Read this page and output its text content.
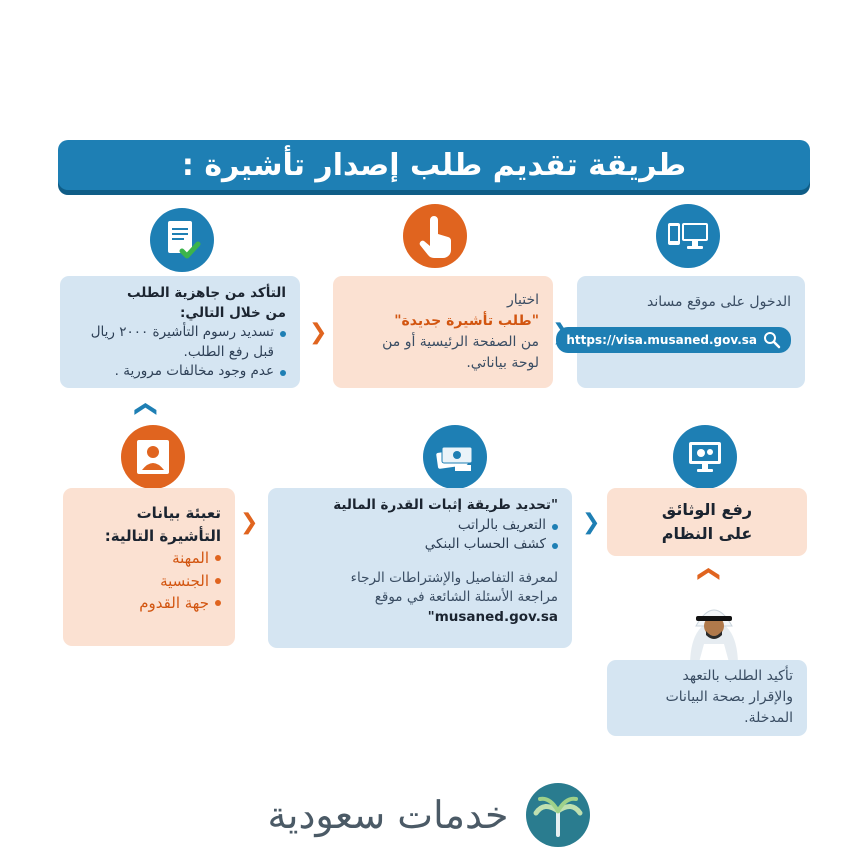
طريقة تقديم طلب إصدار تأشيرة :
الدخول على موقع مساند
https://visa.musaned.gov.sa
اختيار
"طلب تأشيرة جديدة"
من الصفحة الرئيسية أو من
لوحة بياناتي.
التأكد من جاهزية الطلب
من خلال التالي:
تسديد رسوم التأشيرة ٢٠٠٠ ريال
قبل رفع الطلب.
عدم وجود مخالفات مرورية .
❮
❮
❮
رفع الوثائق
على النظام
"تحديد طريقة إثبات القدرة المالية
التعريف بالراتب
كشف الحساب البنكي
لمعرفة التفاصيل والإشتراطات الرجاء
مراجعة الأسئلة الشائعة في موقع
musaned.gov.sa"
تعبئة بيانات
التأشيرة التالية:
المهنة
الجنسية
جهة القدوم
❮
❮
❮
تأكيد الطلب بالتعهد
والإقرار بصحة البيانات
المدخلة.
خدمات سعودية
